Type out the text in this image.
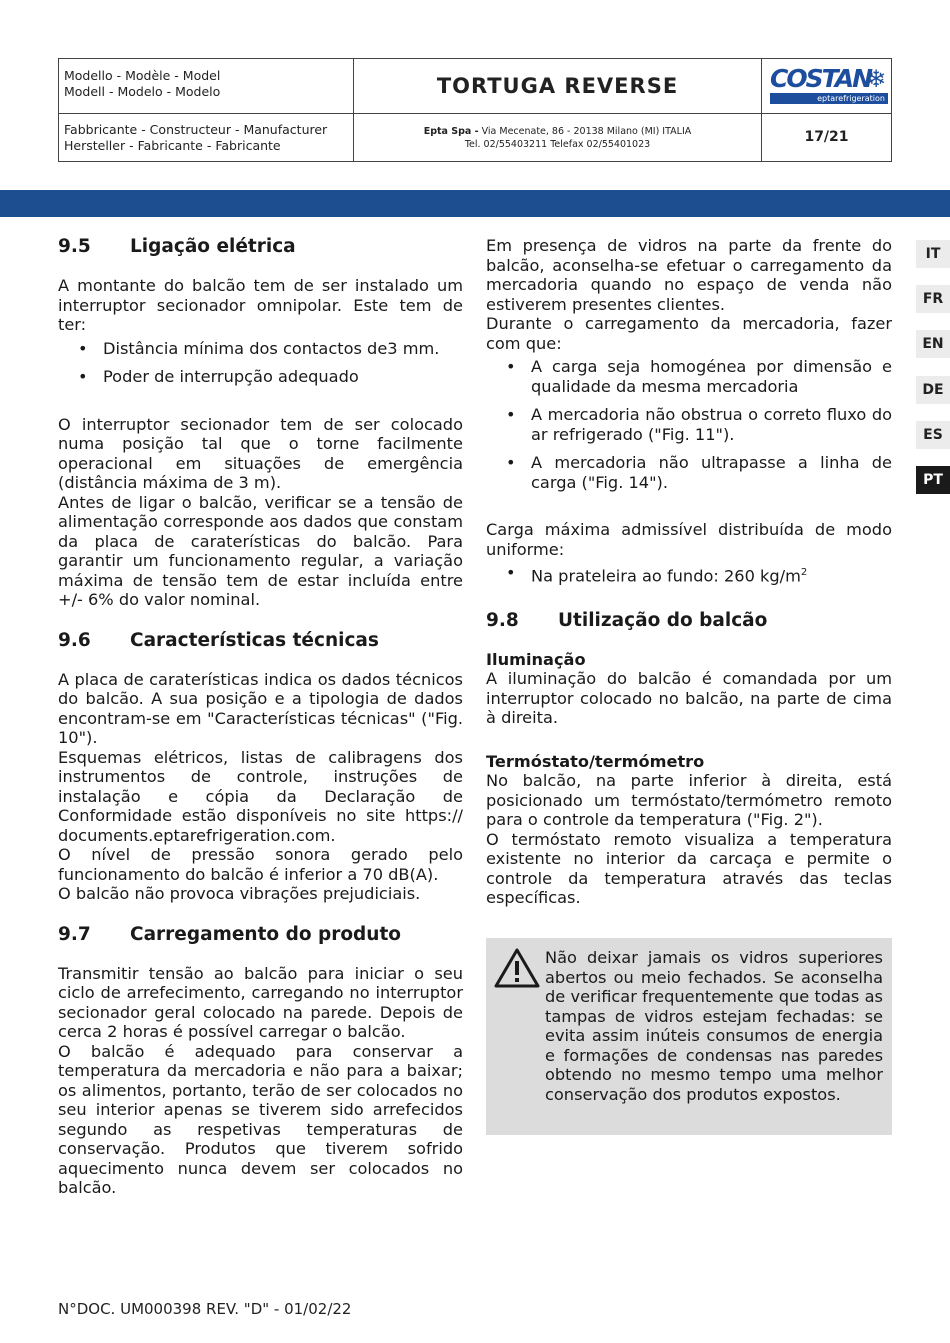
Modello - Modèle - Model
Modell - Modelo - Modelo	TORTUGA REVERSE	COSTAN
❄
eptarefrigeration
Fabbricante - Constructeur - Manufacturer
Hersteller - Fabricante - Fabricante
Epta Spa - Via Mecenate, 86 - 20138 Milano (MI) ITALIA
Tel. 02/55403211 Telefax 02/55401023	17/21
IT
FR
EN
DE
ES
PT
9.5 Ligação elétrica

A montante do balcão tem de ser instalado um interruptor secionador omnipolar. Este tem de ter:

• Distância mínima dos contactos de3 mm.
• Poder de interrupção adequado

O interruptor secionador tem de ser colocado numa posição tal que o torne facilmente operacional em situações de emergência (distância máxima de 3 m).

Antes de ligar o balcão, verificar se a tensão de alimentação corresponde aos dados que constam da placa de caraterísticas do balcão. Para garantir um funcionamento regular, a variação máxima de tensão tem de estar incluída entre +/- 6% do valor nominal.

9.6 Características técnicas

A placa de caraterísticas indica os dados técnicos do balcão. A sua posição e a tipologia de dados encontram-se em "Características técnicas" ("Fig. 10").

Esquemas elétricos, listas de calibragens dos instrumentos de controle, instruções de instalação e cópia da Declaração de Conformidade estão disponíveis no site https:// documents.eptarefrigeration.com.

O nível de pressão sonora gerado pelo funcionamento do balcão é inferior a 70 dB(A).

O balcão não provoca vibrações prejudiciais.

9.7 Carregamento do produto

Transmitir tensão ao balcão para iniciar o seu ciclo de arrefecimento, carregando no interruptor secionador geral colocado na parede. Depois de cerca 2 horas é possível carregar o balcão.

O balcão é adequado para conservar a temperatura da mercadoria e não para a baixar; os alimentos, portanto, terão de ser colocados no seu interior apenas se tiverem sido arrefecidos segundo as respetivas temperaturas de conservação. Produtos que tiverem sofrido aquecimento nunca devem ser colocados no balcão.

Em presença de vidros na parte da frente do balcão, aconselha-se efetuar o carregamento da mercadoria quando no espaço de venda não estiverem presentes clientes.

Durante o carregamento da mercadoria, fazer com que:

• A carga seja homogénea por dimensão e qualidade da mesma mercadoria
• A mercadoria não obstrua o correto fluxo do ar refrigerado ("Fig. 11").
• A mercadoria não ultrapasse a linha de carga ("Fig. 14").

Carga máxima admissível distribuída de modo uniforme:

• Na prateleira ao fundo: 260 $kg/m^2$
9.8 Utilização do balcão
Iluminação

A iluminação do balcão é comandada por um interruptor colocado no balcão, na parte de cima à direita.

Termóstato/termómetro

No balcão, na parte inferior à direita, está posicionado um termóstato/termómetro remoto para o controle da temperatura ("Fig. 2").

O termóstato remoto visualiza a temperatura existente no interior da carcaça e permite o controle da temperatura através das teclas específicas.

Não deixar jamais os vidros superiores abertos ou meio fechados. Se aconselha de verificar frequentemente que todas as tampas de vidros estejam fechadas: se evita assim inúteis consumos de energia e formações de condensas nas paredes obtendo no mesmo tempo uma melhor conservação dos produtos expostos.
N°DOC. UM000398 REV. "D" - 01/02/22
